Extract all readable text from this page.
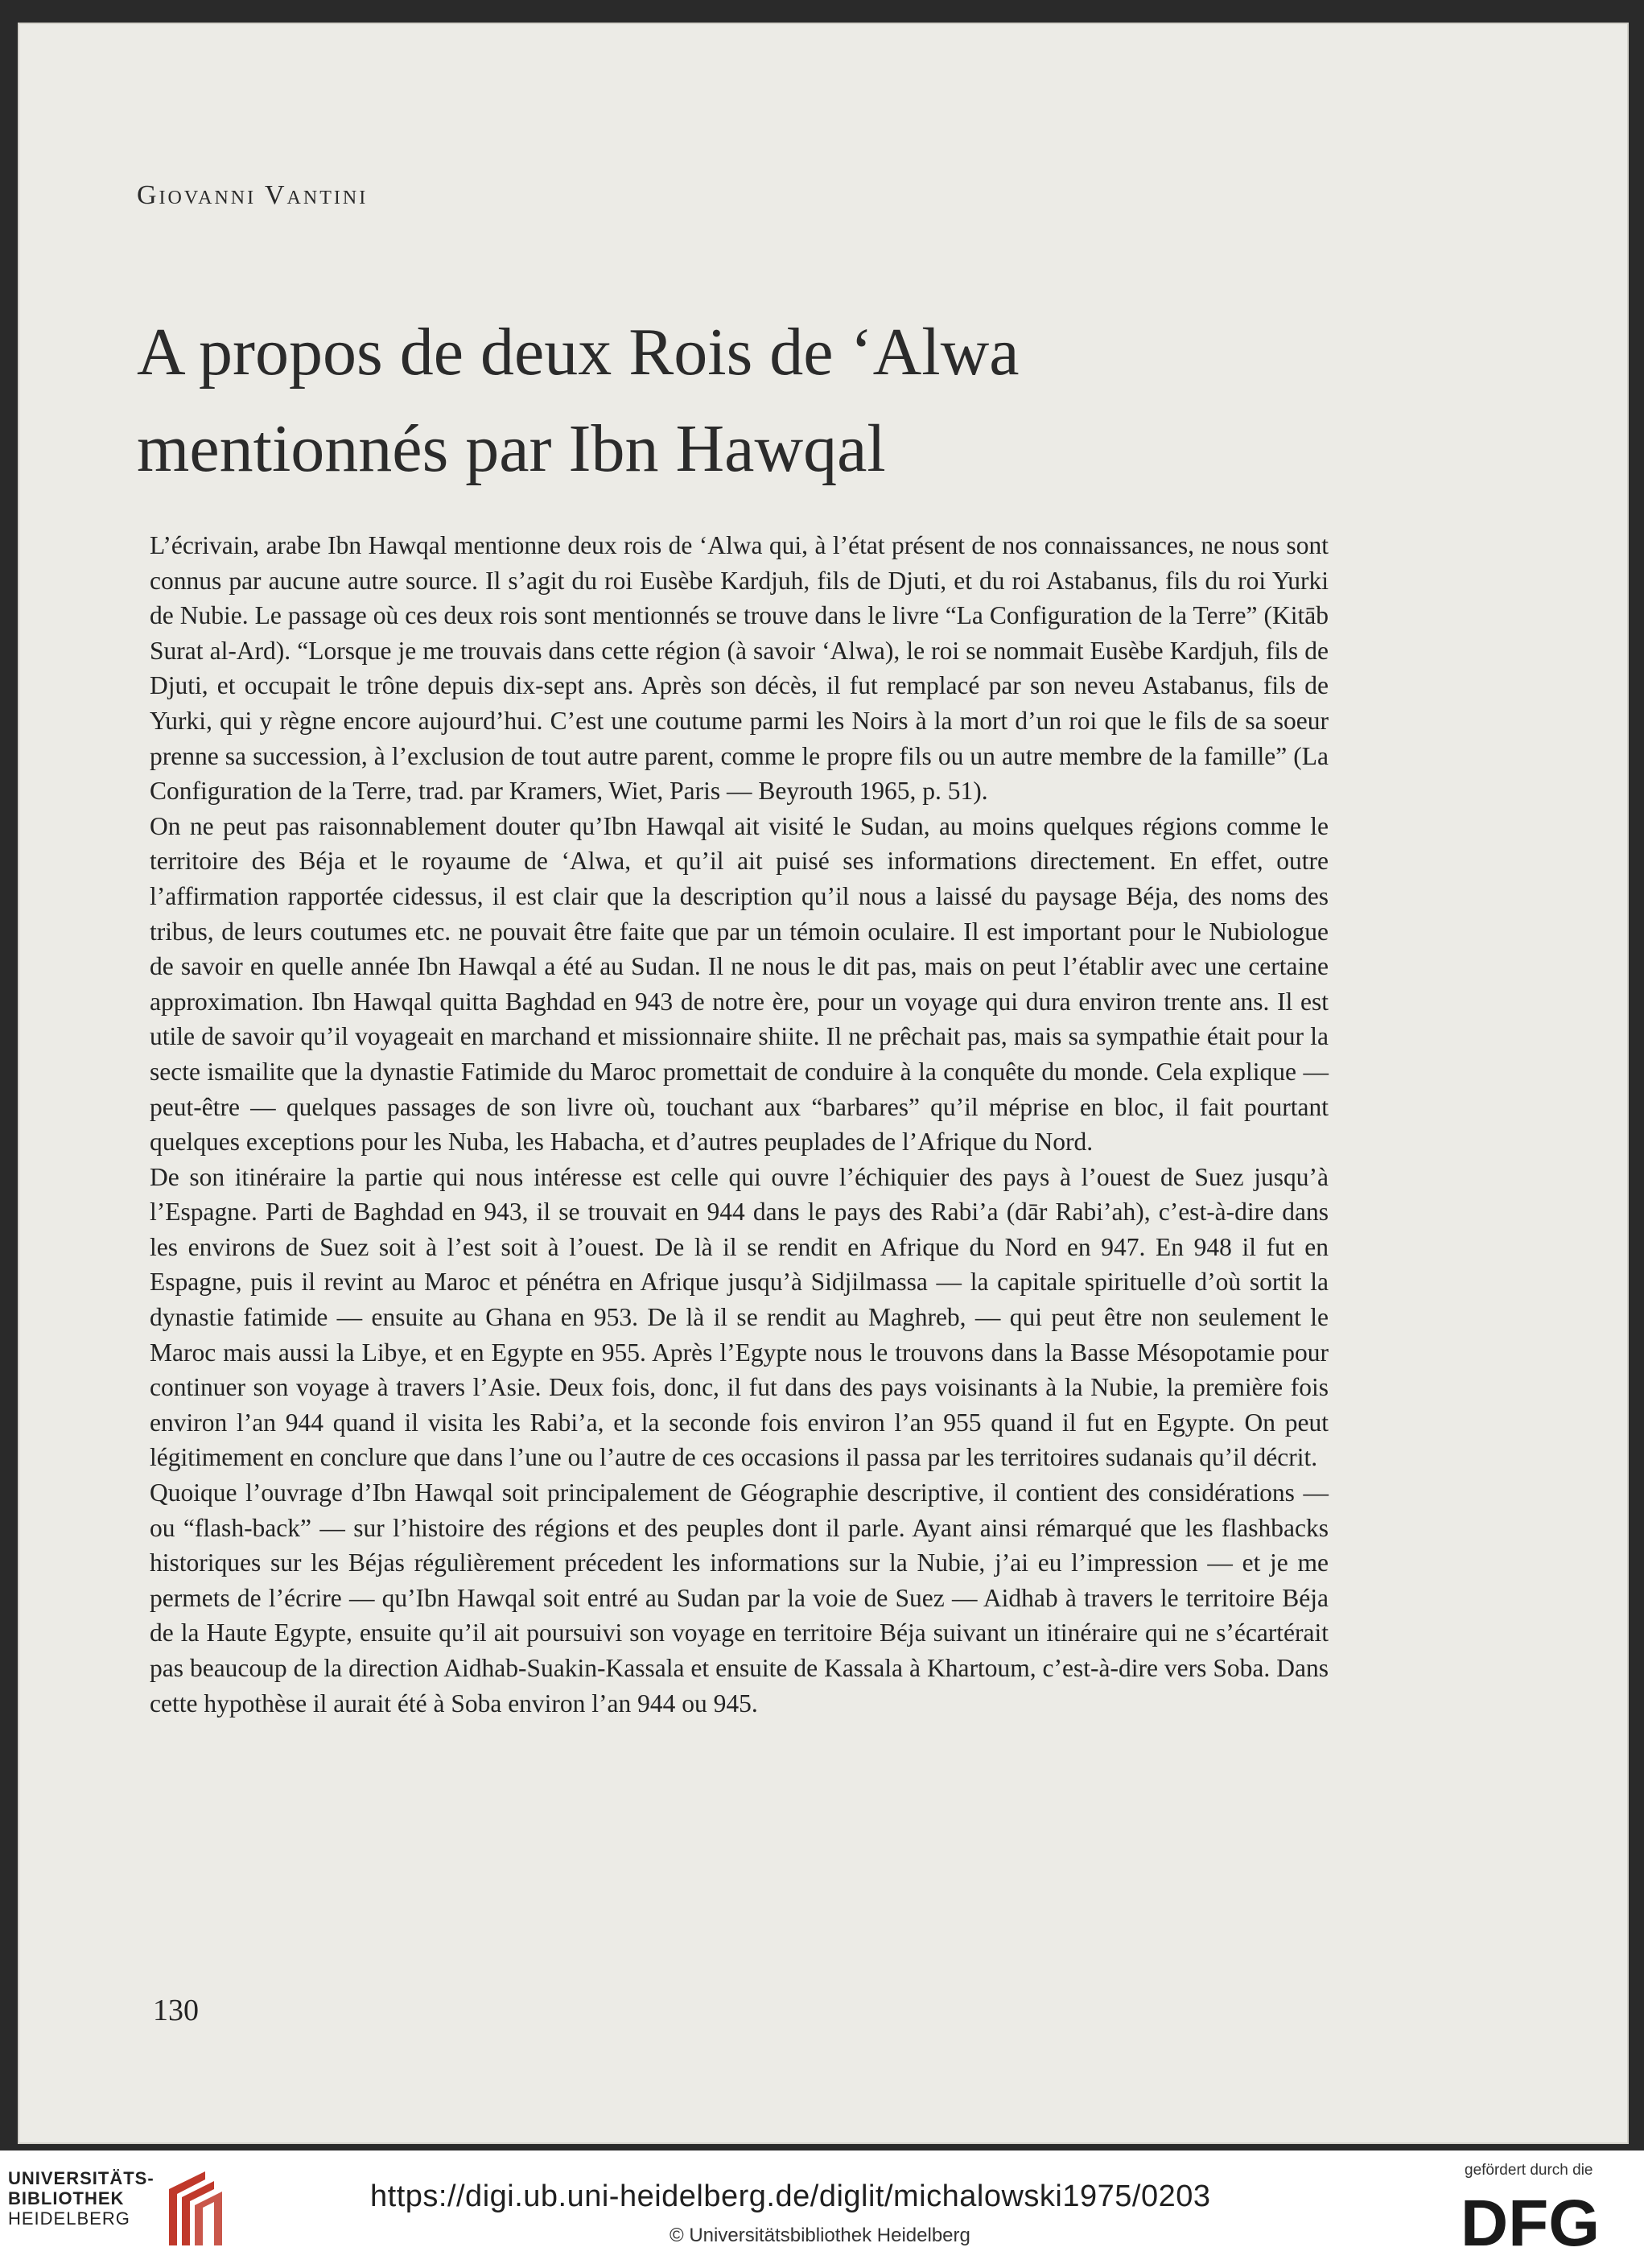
Giovanni Vantini
A propos de deux Rois de ‘Alwa
mentionnés par Ibn Hawqal

L’écrivain, arabe Ibn Hawqal mentionne deux rois de ‘Alwa qui, à l’état présent de nos connaissances, ne nous sont connus par aucune autre source. Il s’agit du roi Eusèbe Kardjuh, fils de Djuti, et du roi Astabanus, fils du roi Yurki de Nubie. Le passage où ces deux rois sont mentionnés se trouve dans le livre “La Configuration de la Terre” (Kitāb Surat al-Ard). “Lorsque je me trouvais dans cette région (à savoir ‘Alwa), le roi se nommait Eusèbe Kardjuh, fils de Djuti, et occupait le trône depuis dix-sept ans. Après son décès, il fut remplacé par son neveu Astabanus, fils de Yurki, qui y règne encore aujourd’hui. C’est une coutume parmi les Noirs à la mort d’un roi que le fils de sa soeur prenne sa succession, à l’exclusion de tout autre parent, comme le propre fils ou un autre membre de la famille” (La Configuration de la Terre, trad. par Kramers, Wiet, Paris — Beyrouth 1965, p. 51).

On ne peut pas raisonnablement douter qu’Ibn Hawqal ait visité le Sudan, au moins quelques régions comme le territoire des Béja et le royaume de ‘Alwa, et qu’il ait puisé ses informations directement. En effet, outre l’affirmation rapportée cidessus, il est clair que la description qu’il nous a laissé du paysage Béja, des noms des tribus, de leurs coutumes etc. ne pouvait être faite que par un témoin oculaire. Il est important pour le Nubiologue de savoir en quelle année Ibn Hawqal a été au Sudan. Il ne nous le dit pas, mais on peut l’établir avec une certaine approximation. Ibn Hawqal quitta Baghdad en 943 de notre ère, pour un voyage qui dura environ trente ans. Il est utile de savoir qu’il voyageait en marchand et missionnaire shiite. Il ne prêchait pas, mais sa sympathie était pour la secte ismailite que la dynastie Fatimide du Maroc promettait de conduire à la conquête du monde. Cela explique — peut-être — quelques passages de son livre où, touchant aux “barbares” qu’il méprise en bloc, il fait pourtant quelques exceptions pour les Nuba, les Habacha, et d’autres peuplades de l’Afrique du Nord.

De son itinéraire la partie qui nous intéresse est celle qui ouvre l’échiquier des pays à l’ouest de Suez jusqu’à l’Espagne. Parti de Baghdad en 943, il se trouvait en 944 dans le pays des Rabi’a (dār Rabi’ah), c’est-à-dire dans les environs de Suez soit à l’est soit à l’ouest. De là il se rendit en Afrique du Nord en 947. En 948 il fut en Espagne, puis il revint au Maroc et pénétra en Afrique jusqu’à Sidjilmassa — la capitale spirituelle d’où sortit la dynastie fatimide — ensuite au Ghana en 953. De là il se rendit au Maghreb, — qui peut être non seulement le Maroc mais aussi la Libye, et en Egypte en 955. Après l’Egypte nous le trouvons dans la Basse Mésopotamie pour continuer son voyage à travers l’Asie. Deux fois, donc, il fut dans des pays voisinants à la Nubie, la première fois environ l’an 944 quand il visita les Rabi’a, et la seconde fois environ l’an 955 quand il fut en Egypte. On peut légitimement en conclure que dans l’une ou l’autre de ces occasions il passa par les territoires sudanais qu’il décrit.

Quoique l’ouvrage d’Ibn Hawqal soit principalement de Géographie descriptive, il contient des considérations — ou “flash-back” — sur l’histoire des régions et des peuples dont il parle. Ayant ainsi rémarqué que les flashbacks historiques sur les Béjas régulièrement précedent les informations sur la Nubie, j’ai eu l’impression — et je me permets de l’écrire — qu’Ibn Hawqal soit entré au Sudan par la voie de Suez — Aidhab à travers le territoire Béja de la Haute Egypte, ensuite qu’il ait poursuivi son voyage en territoire Béja suivant un itinéraire qui ne s’écartérait pas beaucoup de la direction Aidhab-Suakin-Kassala et ensuite de Kassala à Khartoum, c’est-à-dire vers Soba. Dans cette hypothèse il aurait été à Soba environ l’an 944 ou 945.

130
UNIVERSITÄTS-
BIBLIOTHEK
HEIDELBERG
https://digi.ub.uni-heidelberg.de/diglit/michalowski1975/0203
© Universitätsbibliothek Heidelberg
gefördert durch die
DFG
